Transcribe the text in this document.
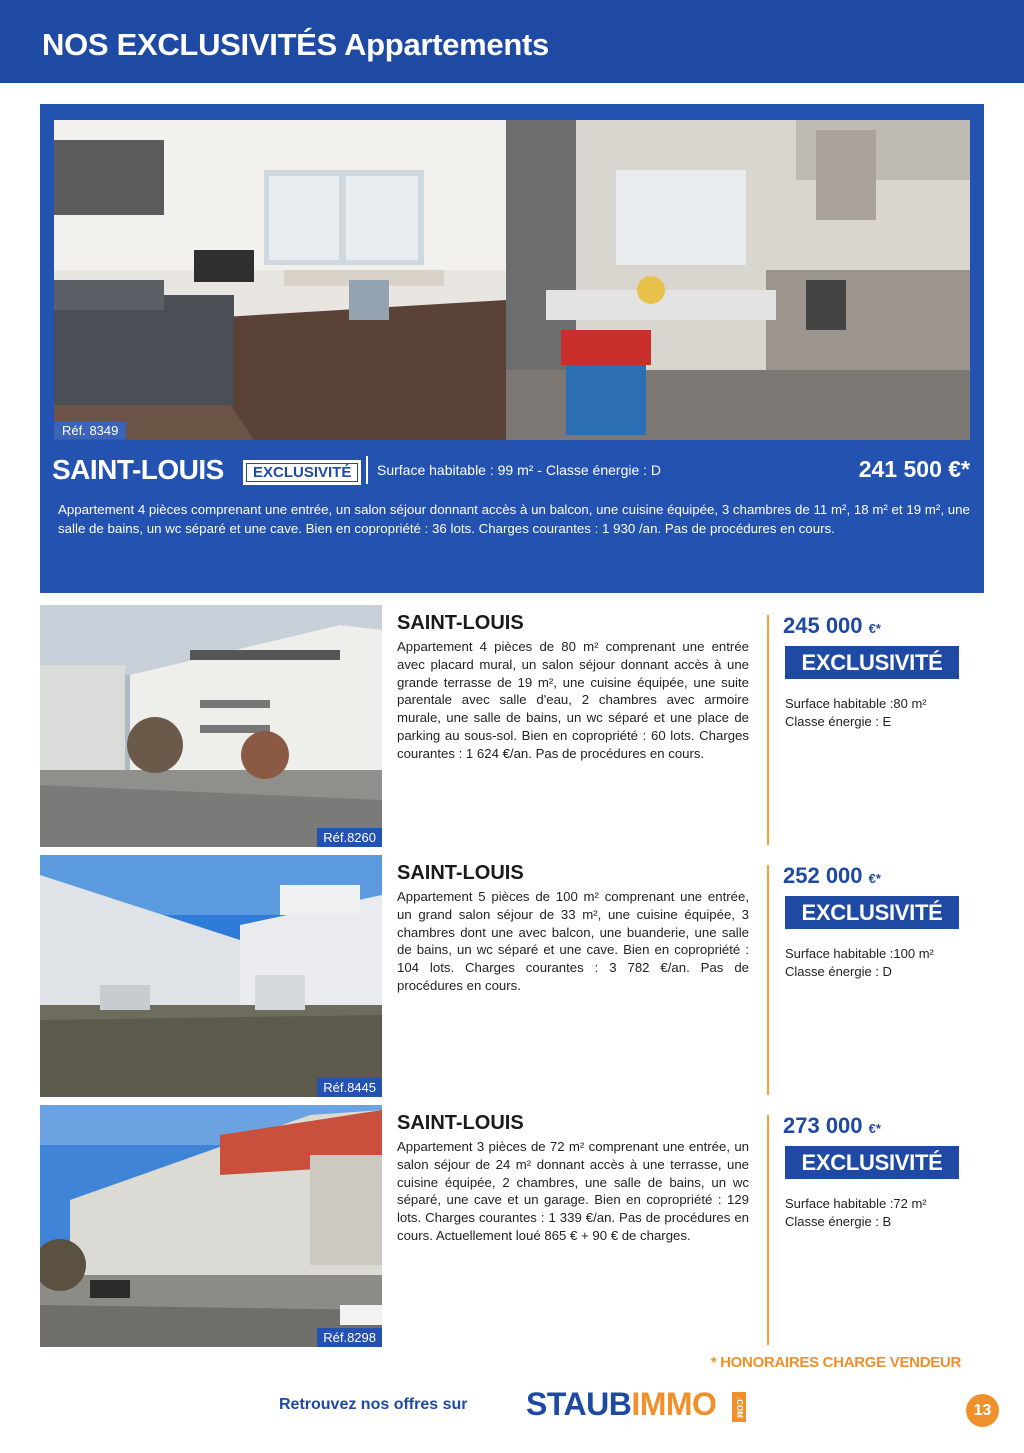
NOS EXCLUSIVITÉS Appartements
Réf. 8349
SAINT-LOUIS	EXCLUSIVITÉ	Surface habitable : 99 m² - Classe énergie : D	241 500 €*
Appartement 4 pièces comprenant une entrée, un salon séjour donnant accès à un balcon, une cuisine équipée, 3 chambres de 11 m², 18 m² et 19 m², une salle de bains, un wc séparé et une cave. Bien en copropriété : 36 lots. Charges courantes : 1 930 /an. Pas de procédures en cours.
Réf.8260
SAINT-LOUIS
Appartement 4 pièces de 80 m² comprenant une entrée avec placard mural, un salon séjour donnant accès à une grande terrasse de 19 m², une cuisine équipée, une suite parentale avec salle d'eau, 2 chambres avec armoire murale, une salle de bains, un wc séparé et une place de parking au sous-sol. Bien en copropriété : 60 lots. Charges courantes : 1 624 €/an. Pas de procédures en cours.
245 000 €*
EXCLUSIVITÉ
Surface habitable :80 m²
Classe énergie : E
Réf.8445
SAINT-LOUIS
Appartement 5 pièces de 100 m² comprenant une entrée, un grand salon séjour de 33 m², une cuisine équipée, 3 chambres dont une avec balcon, une buanderie, une salle de bains, un wc séparé et une cave. Bien en copropriété : 104 lots. Charges courantes : 3 782 €/an. Pas de procédures en cours.
252 000 €*
EXCLUSIVITÉ
Surface habitable :100 m²
Classe énergie : D
Réf.8298
SAINT-LOUIS
Appartement 3 pièces de 72 m² comprenant une entrée, un salon séjour de 24 m² donnant accès à une terrasse, une cuisine équipée, 2 chambres, une salle de bains, un wc séparé, une cave et un garage. Bien en copropriété : 129 lots. Charges courantes : 1 339 €/an. Pas de procédures en cours. Actuellement loué 865 € + 90 € de charges.
273 000 €*
EXCLUSIVITÉ
Surface habitable :72 m²
Classe énergie : B
* HONORAIRES CHARGE VENDEUR
Retrouvez nos offres sur STAUBIMMO	.COM	13
